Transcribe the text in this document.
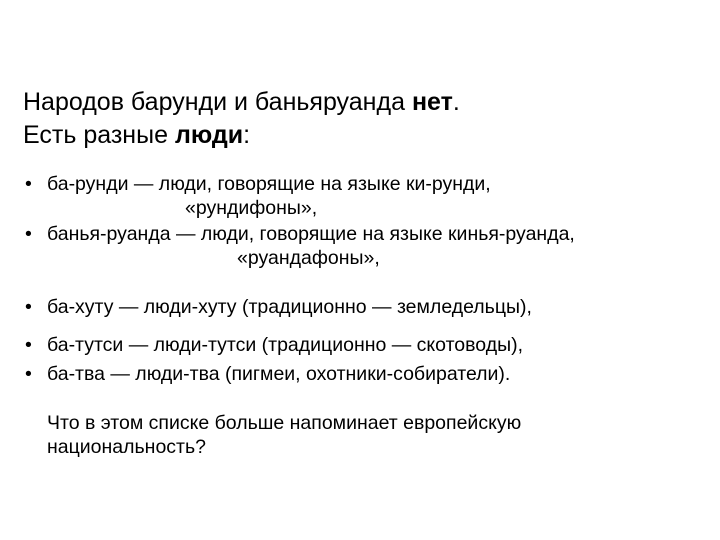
Народов барунди и баньяруанда нет.
Есть разные люди:
• ба-рунди — люди, говорящие на языке ки-рунди,
«рундифоны»,
• банья-руанда — люди, говорящие на языке кинья-руанда,
«руандафоны»,
• ба-хуту — люди-хуту (традиционно — земледельцы),
• ба-тутси — люди-тутси (традиционно — скотоводы),
• ба-тва — люди-тва (пигмеи, охотники-собиратели).
Что в этом списке больше напоминает европейскую
национальность?
